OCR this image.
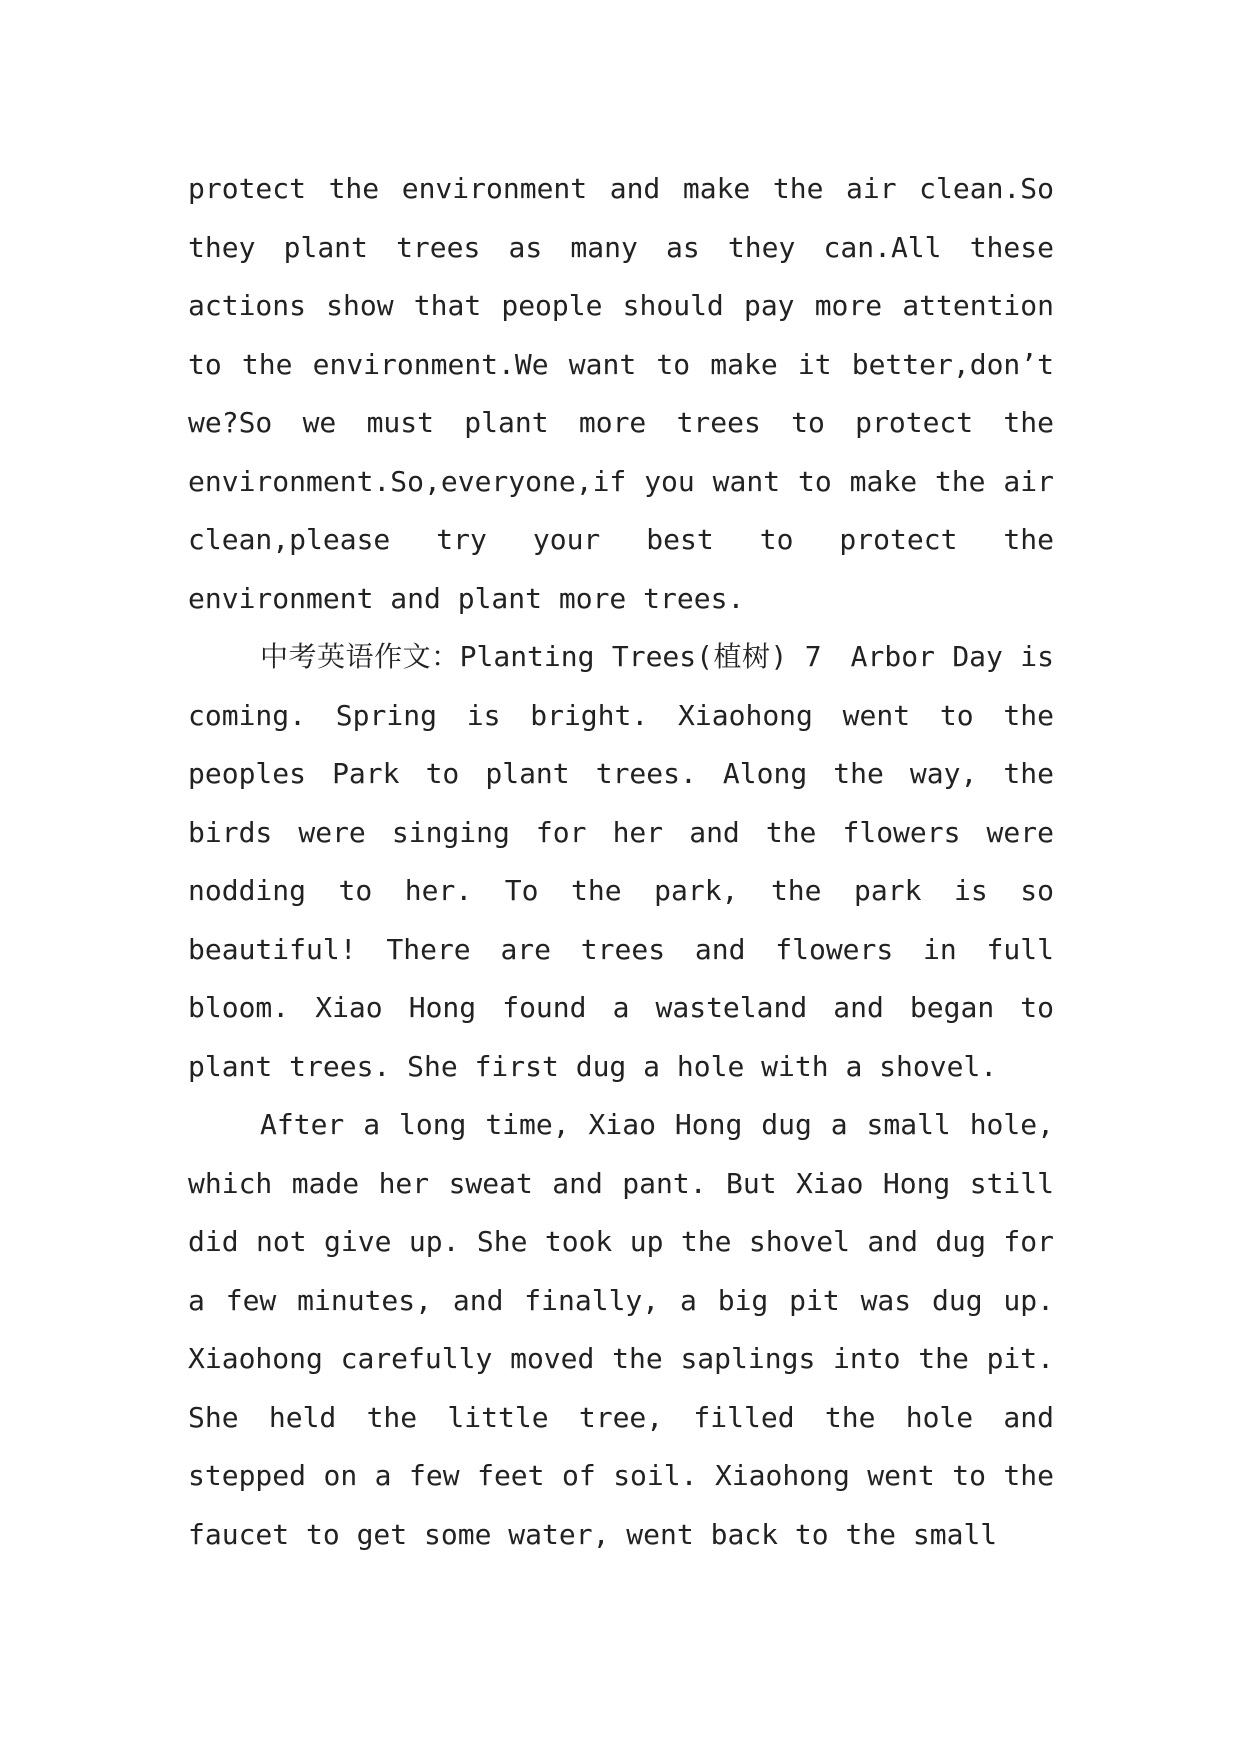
protect the environment and make the air clean.So they plant trees as many as they can.All these actions show that people should pay more attention to the environment.We want to make it better,don’t we?So we must plant more trees to protect the environment.So,everyone,if you want to make the air clean,please try your best to protect the environment and plant more trees.

中考英语作文：Planting Trees(植树) 7　Arbor Day is coming. Spring is bright. Xiaohong went to the peoples Park to plant trees. Along the way, the birds were singing for her and the flowers were nodding to her. To the park, the park is so beautiful! There are trees and flowers in full bloom. Xiao Hong found a wasteland and began to plant trees. She first dug a hole with a shovel.

After a long time, Xiao Hong dug a small hole, which made her sweat and pant. But Xiao Hong still did not give up. She took up the shovel and dug for a few minutes, and finally, a big pit was dug up. Xiaohong carefully moved the saplings into the pit. She held the little tree, filled the hole and stepped on a few feet of soil. Xiaohong went to the faucet to get some water, went back to the small
